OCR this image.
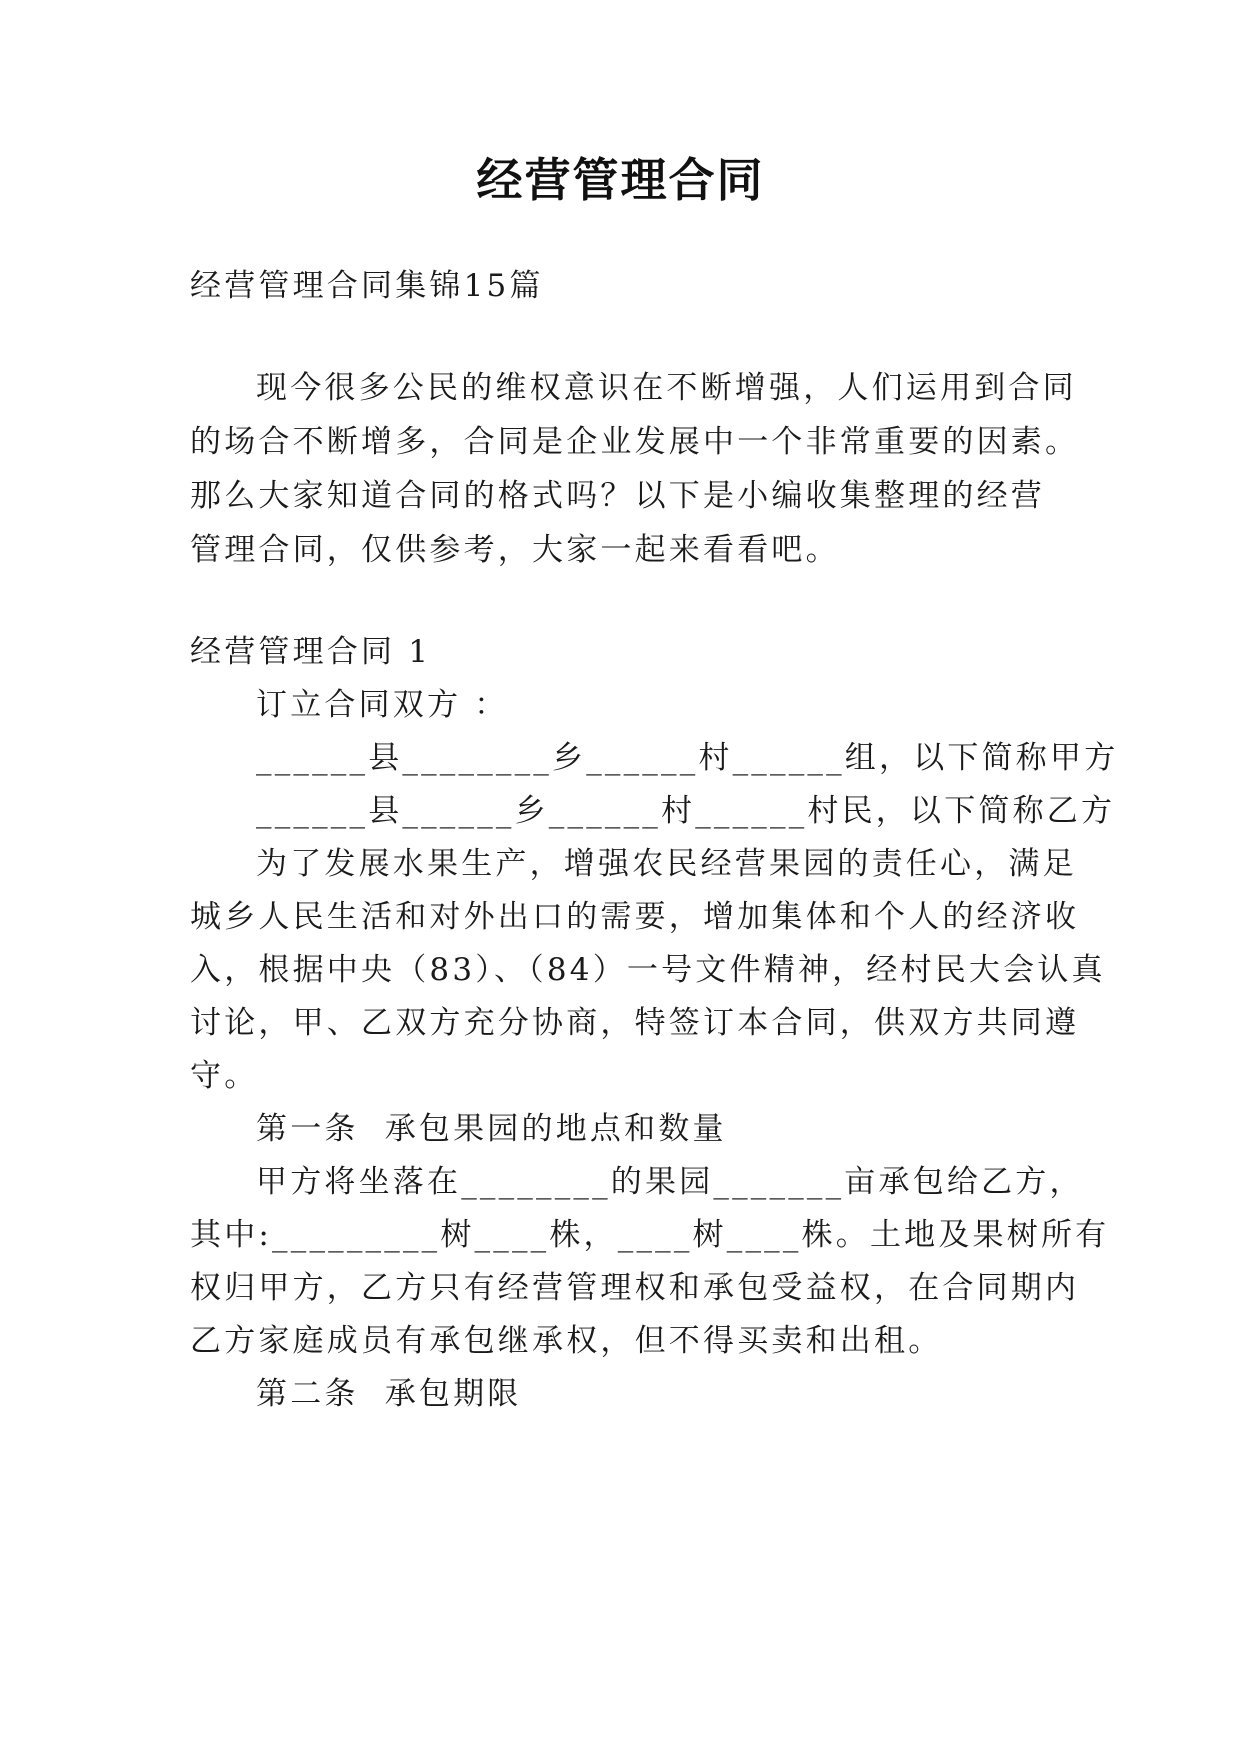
经营管理合同
经营管理合同集锦15篇
现今很多公民的维权意识在不断增强，人们运用到合同
的场合不断增多，合同是企业发展中一个非常重要的因素。
那么大家知道合同的格式吗？以下是小编收集整理的经营
管理合同，仅供参考，大家一起来看看吧。
经营管理合同 1
订立合同双方 ：
______县________乡______村______组，以下简称甲方
______县______乡______村______村民，以下简称乙方
为了发展水果生产，增强农民经营果园的责任心，满足
城乡人民生活和对外出口的需要，增加集体和个人的经济收
入，根据中央（83）、（84）一号文件精神，经村民大会认真
讨论，甲、乙双方充分协商，特签订本合同，供双方共同遵
守。
第一条  承包果园的地点和数量
甲方将坐落在________的果园_______亩承包给乙方，
其中:_________树____株，____树____株。土地及果树所有
权归甲方，乙方只有经营管理权和承包受益权，在合同期内
乙方家庭成员有承包继承权，但不得买卖和出租。
第二条  承包期限
